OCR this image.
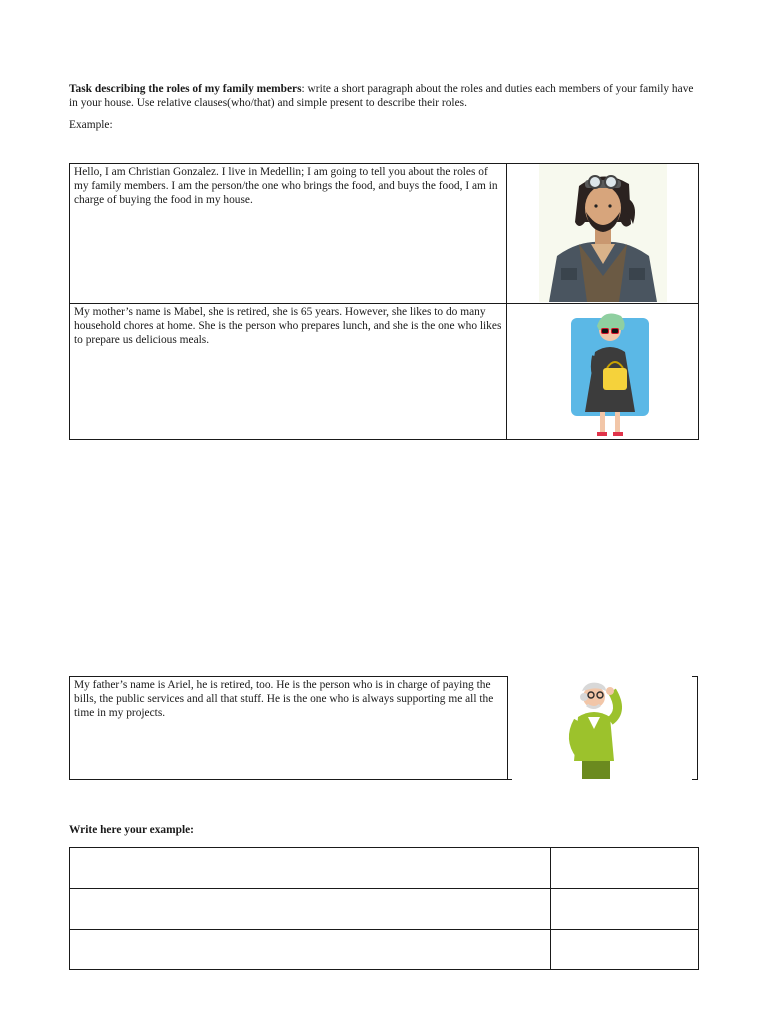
Task describing the roles of my family members: write a short paragraph about the roles and duties each members of your family have in your house. Use relative clauses(who/that) and simple present to describe their roles.
Example:
Hello, I am Christian Gonzalez. I live in Medellin; I am going to tell you about the roles of my family members. I am the person/the one who brings the food, and buys the food, I am in charge of buying the food in my house.
My mother’s name is Mabel, she is retired, she is 65 years. However, she likes to do many household chores at home. She is the person who prepares lunch, and she is the one who likes to prepare us delicious meals.
My father’s name is Ariel, he is retired, too. He is the person who is in charge of paying the bills, the public services and all that stuff. He is the one who is always supporting me all the time in my projects.
Write here your example:
